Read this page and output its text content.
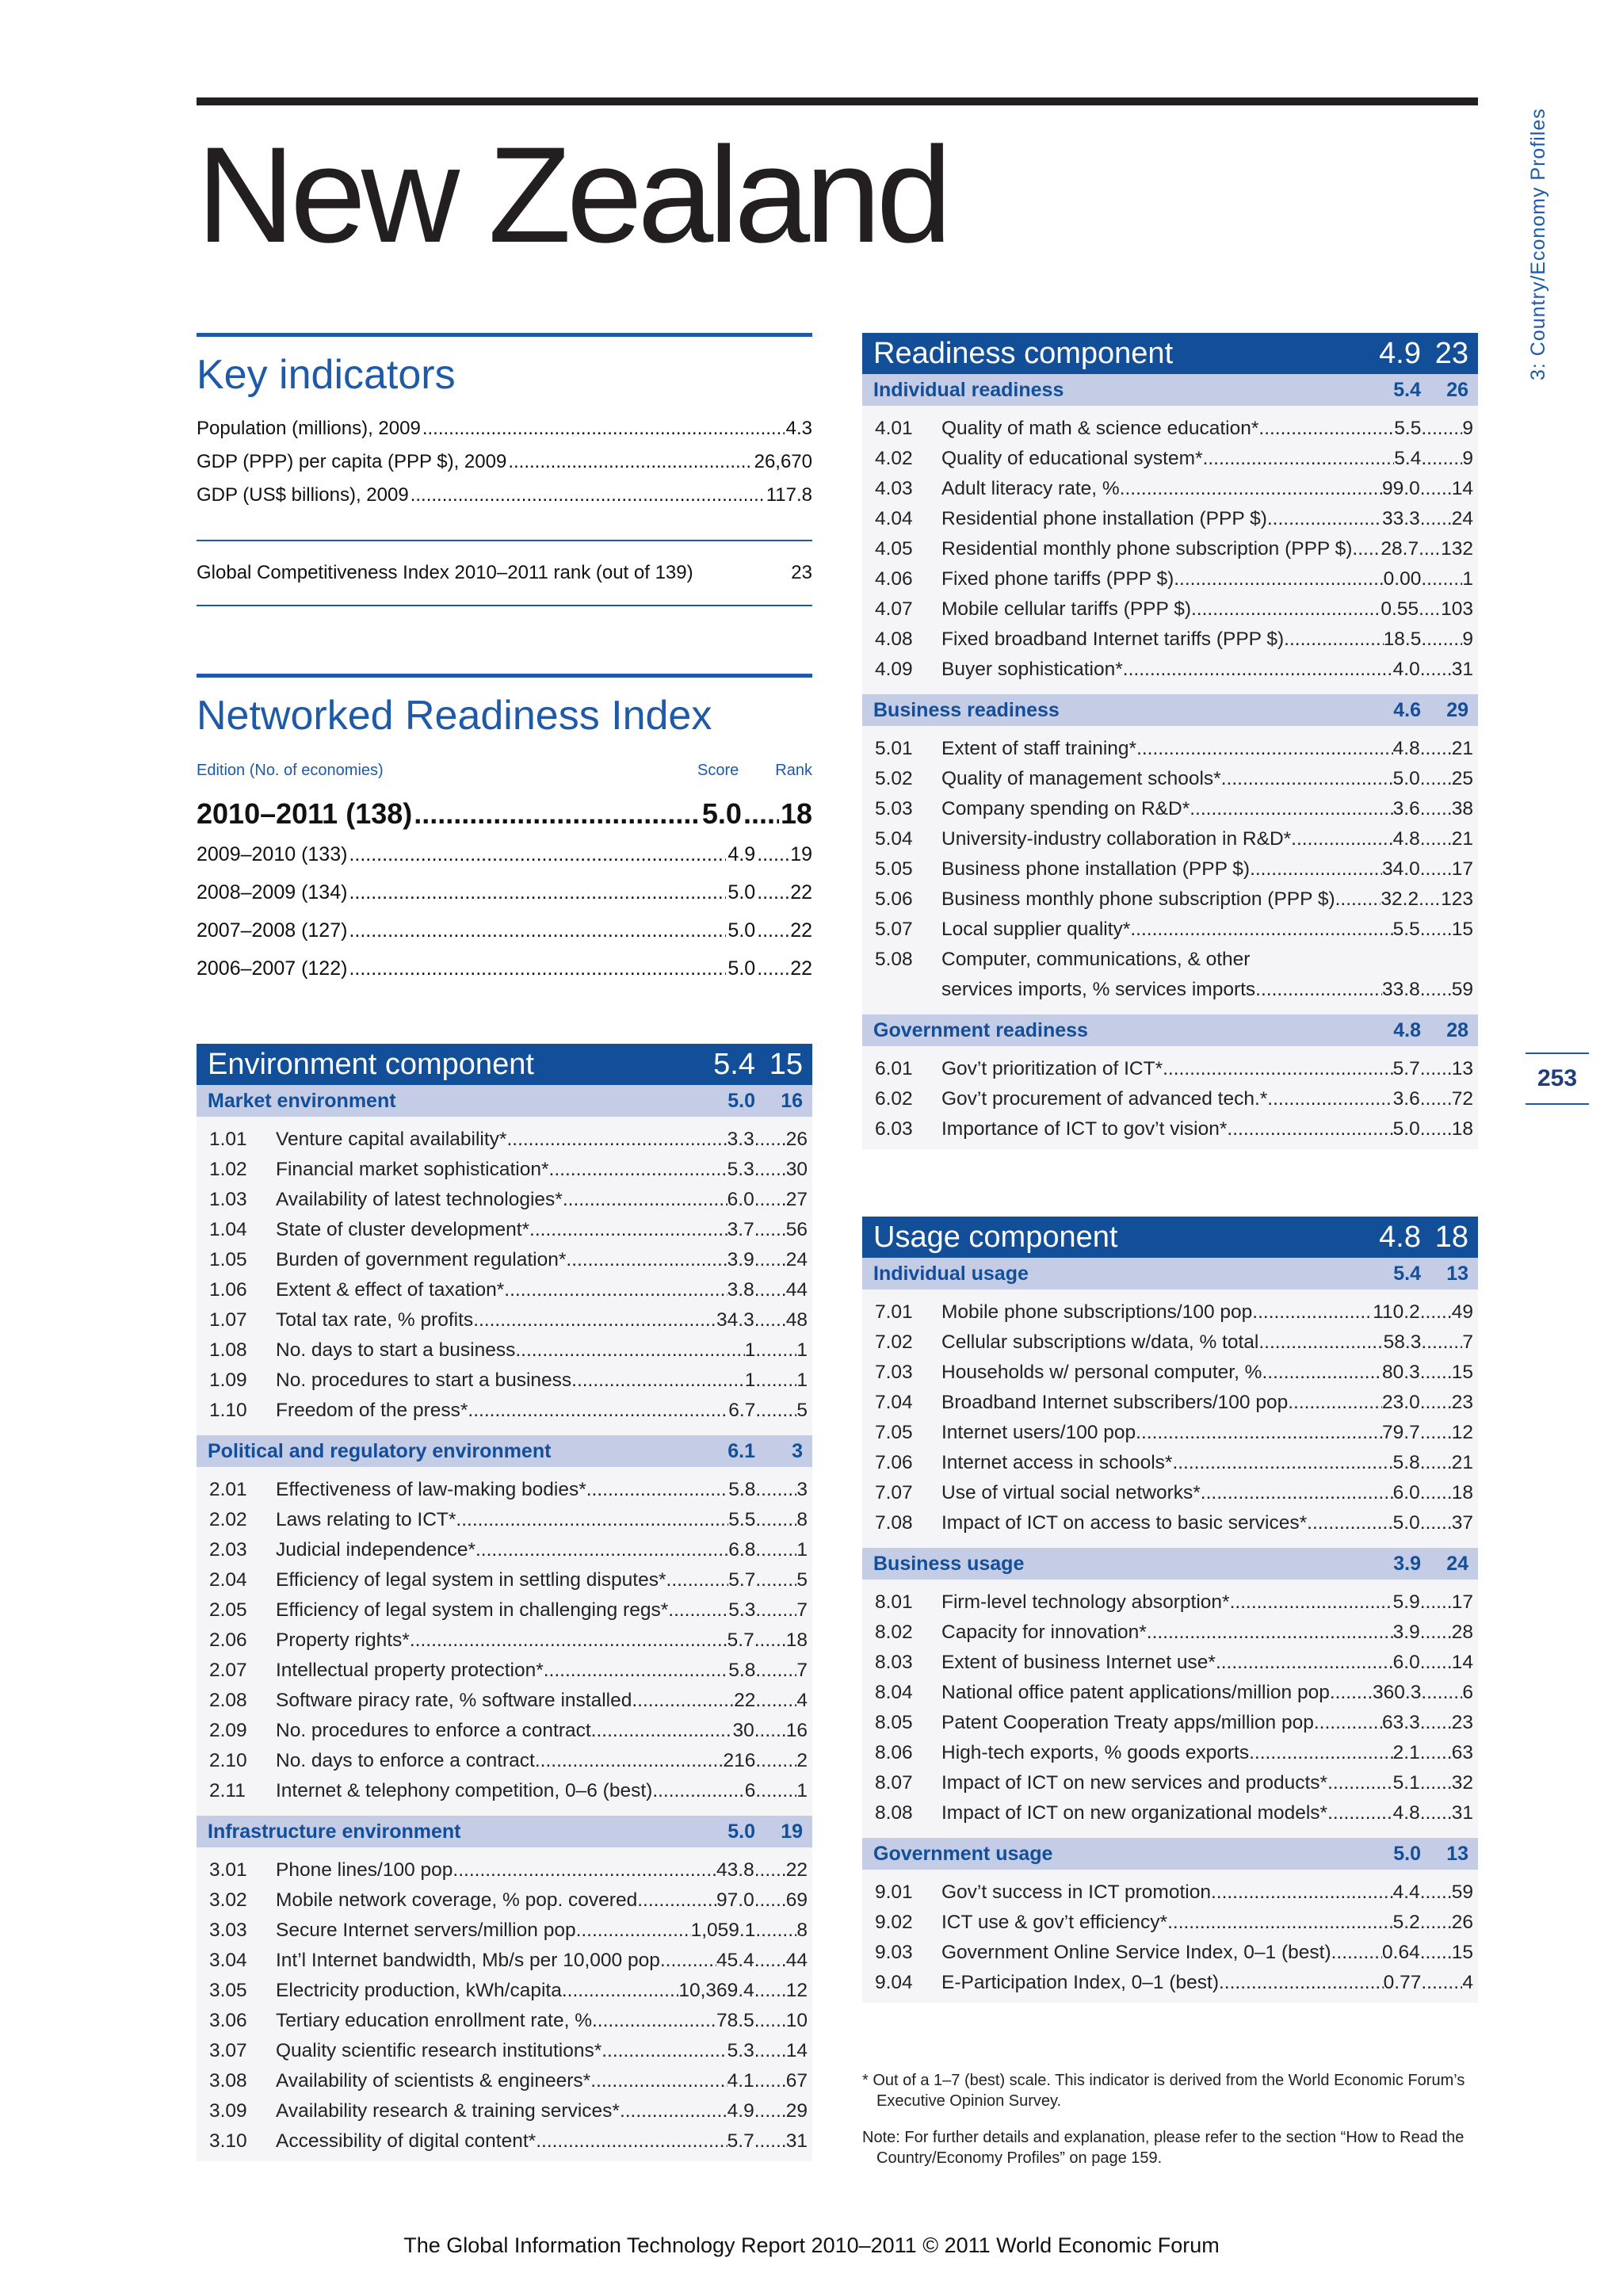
New Zealand	3: Country/Economy Profiles
253
Key indicators
Population (millions), 2009 .....	4.3
GDP (PPP) per capita (PPP $), 2009 .....	26,670
GDP (US$ billions), 2009 .....	117.8
Global Competitiveness Index 2010–2011 rank (out of 139)	23
Networked Readiness Index
Edition (No. of economies)	Score	Rank
2010–2011 (138) .....	5.0 ..... 18
2009–2010 (133) .....	4.9 ..... 19
2008–2009 (134) .....	5.0 ..... 22
2007–2008 (127) .....	5.0 ..... 22
2006–2007 (122) .....	5.0 ..... 22
Environment component	5.4 15
Market environment	5.0	16
1.01	Venture capital availability* .....	3.3 ..... 26
1.02	Financial market sophistication* .....	5.3 ..... 30
1.03	Availability of latest technologies* .....	6.0 ..... 27
1.04	State of cluster development* .....	3.7 ..... 56
1.05	Burden of government regulation* .....	3.9 ..... 24
1.06	Extent & effect of taxation* .....	3.8 ..... 44
1.07	Total tax rate, % profits .....	34.3 ..... 48
1.08	No. days to start a business .....	1 ..... 1
1.09	No. procedures to start a business .....	1 ..... 1
1.10	Freedom of the press* .....	6.7 ..... 5
Political and regulatory environment	6.1	3
2.01	Effectiveness of law-making bodies* .....	5.8 ..... 3
2.02	Laws relating to ICT* .....	5.5 ..... 8
2.03	Judicial independence* .....	6.8 ..... 1
2.04	Efficiency of legal system in settling disputes* .....	5.7 ..... 5
2.05	Efficiency of legal system in challenging regs* .....	5.3 ..... 7
2.06	Property rights* .....	5.7 ..... 18
2.07	Intellectual property protection* .....	5.8 ..... 7
2.08	Software piracy rate, % software installed .....	22 ..... 4
2.09	No. procedures to enforce a contract .....	30 ..... 16
2.10	No. days to enforce a contract .....	216 ..... 2
2.11	Internet & telephony competition, 0–6 (best) .....	6 ..... 1
Infrastructure environment	5.0	19
3.01	Phone lines/100 pop. .....	43.8 ..... 22
3.02	Mobile network coverage, % pop. covered .....	97.0 ..... 69
3.03	Secure Internet servers/million pop. .....	1,059.1 ..... 8
3.04	Int’l Internet bandwidth, Mb/s per 10,000 pop .....	45.4 ..... 44
3.05	Electricity production, kWh/capita .....	10,369.4 ..... 12
3.06	Tertiary education enrollment rate, % .....	78.5 ..... 10
3.07	Quality scientific research institutions* .....	5.3 ..... 14
3.08	Availability of scientists & engineers* .....	4.1 ..... 67
3.09	Availability research & training services* .....	4.9 ..... 29
3.10	Accessibility of digital content* .....	5.7 ..... 31
Readiness component	4.9 23
Individual readiness	5.4	26
4.01	Quality of math & science education* .....	5.5 ..... 9
4.02	Quality of educational system* .....	5.4 ..... 9
4.03	Adult literacy rate, % .....	99.0 ..... 14
4.04	Residential phone installation (PPP $) .....	33.3 ..... 24
4.05	Residential monthly phone subscription (PPP $) ..... 28.7 ..... 132
4.06	Fixed phone tariffs (PPP $) .....	0.00 ..... 1
4.07	Mobile cellular tariffs (PPP $) .....	0.55 ..... 103
4.08	Fixed broadband Internet tariffs (PPP $) .....	18.5 ..... 9
4.09	Buyer sophistication* .....	4.0 ..... 31
Business readiness	4.6	29
5.01	Extent of staff training* .....	4.8 ..... 21
5.02	Quality of management schools* .....	5.0 ..... 25
5.03	Company spending on R&D* .....	3.6 ..... 38
5.04	University-industry collaboration in R&D* .....	4.8 ..... 21
5.05	Business phone installation (PPP $) .....	34.0 ..... 17
5.06	Business monthly phone subscription (PPP $) ..... 32.2 ..... 123
5.07	Local supplier quality* .....	5.5 ..... 15
5.08	Computer, communications, & other
services imports, % services imports .....	33.8 ..... 59
Government readiness	4.8	28
6.01	Gov’t prioritization of ICT* .....	5.7 ..... 13
6.02	Gov’t procurement of advanced tech.* .....	3.6 ..... 72
6.03	Importance of ICT to gov’t vision* .....	5.0 ..... 18
Usage component	4.8 18
Individual usage	5.4	13
7.01	Mobile phone subscriptions/100 pop. .....	110.2 ..... 49
7.02	Cellular subscriptions w/data, % total .....	58.3 ..... 7
7.03	Households w/ personal computer, % .....	80.3 ..... 15
7.04	Broadband Internet subscribers/100 pop. .....	23.0 ..... 23
7.05	Internet users/100 pop. .....	79.7 ..... 12
7.06	Internet access in schools* .....	5.8 ..... 21
7.07	Use of virtual social networks* .....	6.0 ..... 18
7.08	Impact of ICT on access to basic services* .....	5.0 ..... 37
Business usage	3.9	24
8.01	Firm-level technology absorption* .....	5.9 ..... 17
8.02	Capacity for innovation* .....	3.9 ..... 28
8.03	Extent of business Internet use* .....	6.0 ..... 14
8.04	National office patent applications/million pop ..... 360.3 ..... 6
8.05	Patent Cooperation Treaty apps/million pop .....	63.3 ..... 23
8.06	High-tech exports, % goods exports .....	2.1 ..... 63
8.07	Impact of ICT on new services and products* .....	5.1 ..... 32
8.08	Impact of ICT on new organizational models* .....	4.8 ..... 31
Government usage	5.0	13
9.01	Gov’t success in ICT promotion .....	4.4 ..... 59
9.02	ICT use & gov’t efficiency* .....	5.2 ..... 26
9.03	Government Online Service Index, 0–1 (best) .....	0.64 ..... 15
9.04	E-Participation Index, 0–1 (best) .....	0.77 ..... 4

* Out of a 1–7 (best) scale. This indicator is derived from the World Economic Forum’s Executive Opinion Survey.

Note: For further details and explanation, please refer to the section “How to Read the Country/Economy Profiles” on page 159.

The Global Information Technology Report 2010–2011 © 2011 World Economic Forum
